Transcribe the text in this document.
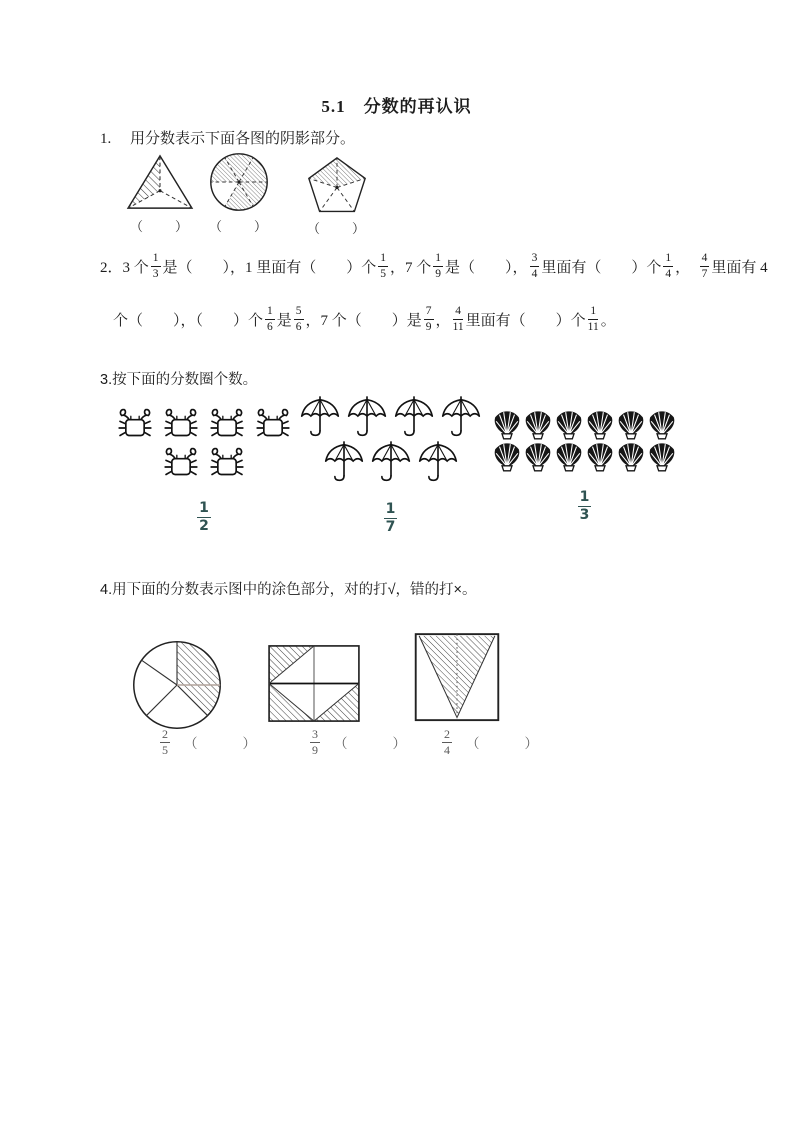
5.1　分数的再认识
1.　 用分数表示下面各图的阴影部分。
（　　） （　　）	（　　）
2．3 个 $\frac{1}{3}$ 是（　　），1 里面有（　　）个 $\frac{1}{5}$ ，7 个 $\frac{1}{9}$ 是（　　）， $\frac{3}{4}$ 里面有（　　）个 $\frac{1}{4}$ ，　 $\frac{4}{7}$ 里面有 4
个（　　），（　　）个 $\frac{1}{6}$ 是 $\frac{5}{6}$ ，7 个（　　）是 $\frac{7}{9}$ ， $\frac{4}{11}$ 里面有（　　）个 $\frac{1}{11}$ 。
3.按下面的分数圈个数。
$\frac{1}{2}$	$\frac{1}{7}$	$\frac{1}{3}$
4.用下面的分数表示图中的涂色部分，对的打√，错的打×。
$\frac{2}{5}$ （　　）	$\frac{3}{9}$ （　　）	$\frac{2}{4}$ （　　）
